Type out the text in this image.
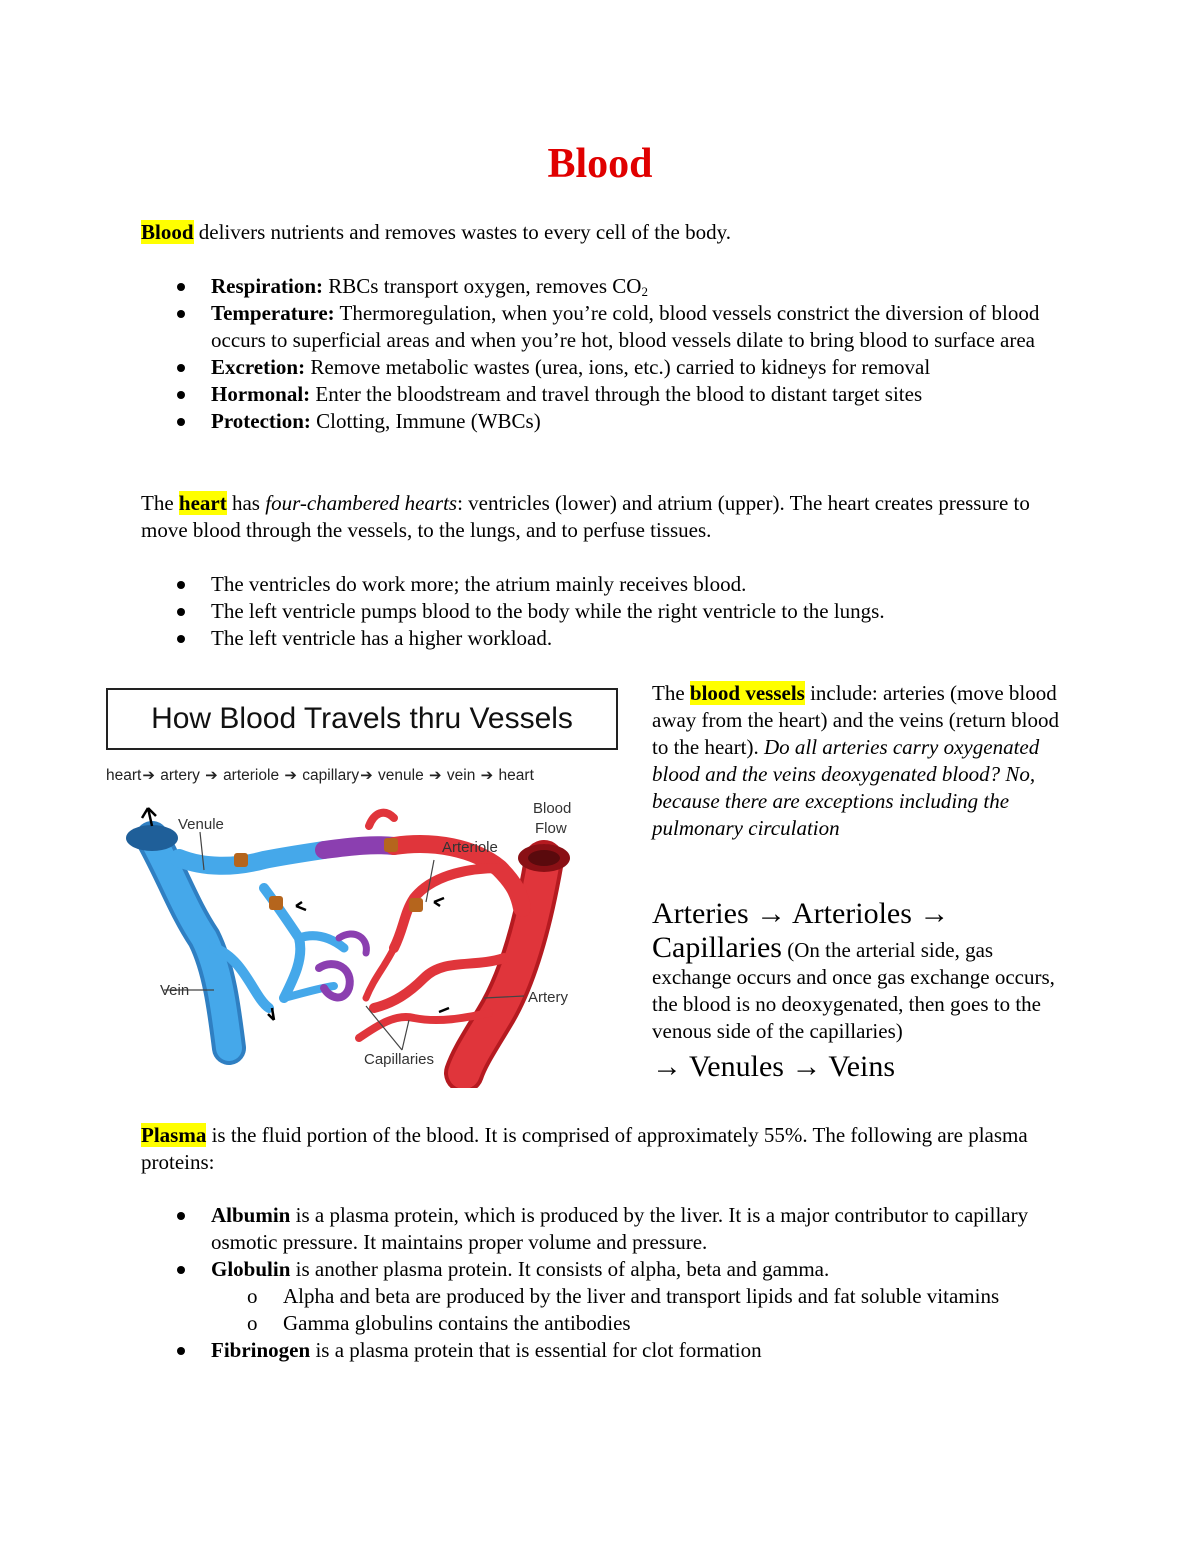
Blood
Blood delivers nutrients and removes wastes to every cell of the body.
Respiration: RBCs transport oxygen, removes $CO_2$
Temperature: Thermoregulation, when you’re cold, blood vessels constrict the diversion of blood occurs to superficial areas and when you’re hot, blood vessels dilate to bring blood to surface area
Excretion: Remove metabolic wastes (urea, ions, etc.) carried to kidneys for removal
Hormonal: Enter the bloodstream and travel through the blood to distant target sites
Protection: Clotting, Immune (WBCs)
The heart has four-chambered hearts: ventricles (lower) and atrium (upper). The heart creates pressure to move blood through the vessels, to the lungs, and to perfuse tissues.
The ventricles do work more; the atrium mainly receives blood.
The left ventricle pumps blood to the body while the right ventricle to the lungs.
The left ventricle has a higher workload.
How Blood Travels thru Vessels
heart➔ artery ➔ arteriole ➔ capillary➔ venule ➔ vein ➔ heart
Venule
Blood
Flow
Arteriole
Vein	Artery
Capillaries
The blood vessels include: arteries (move blood away from the heart) and the veins (return blood to the heart). Do all arteries carry oxygenated blood and the veins deoxygenated blood? No, because there are exceptions including the pulmonary circulation
Arteries → Arterioles →
Capillaries (On the arterial side, gas exchange occurs and once gas exchange occurs, the blood is no deoxygenated, then goes to the venous side of the capillaries)
→ Venules → Veins
Plasma is the fluid portion of the blood. It is comprised of approximately 55%. The following are plasma proteins:
Albumin is a plasma protein, which is produced by the liver. It is a major contributor to capillary osmotic pressure. It maintains proper volume and pressure.
Globulin is another plasma protein. It consists of alpha, beta and gamma.
o Alpha and beta are produced by the liver and transport lipids and fat soluble vitamins
o Gamma globulins contains the antibodies
Fibrinogen is a plasma protein that is essential for clot formation
